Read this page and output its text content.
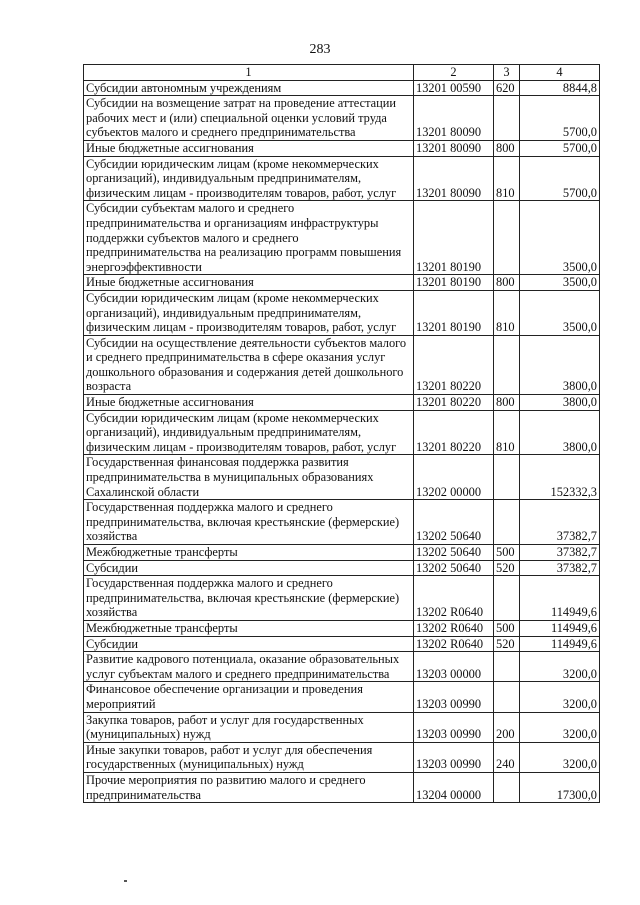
283
1	2	3	4
Субсидии автономным учреждениям	13201 00590	620	8844,8
Субсидии на возмещение затрат на проведение аттестации рабочих мест и (или) специальной оценки условий труда субъектов малого и среднего предпринимательства	13201 80090		5700,0
Иные бюджетные ассигнования	13201 80090	800	5700,0
Субсидии юридическим лицам (кроме некоммерческих организаций), индивидуальным предпринимателям, физическим лицам - производителям товаров, работ, услуг	13201 80090	810	5700,0
Субсидии субъектам малого и среднего предпринимательства и организациям инфраструктуры поддержки субъектов малого и среднего предпринимательства на реализацию программ повышения энергоэффективности	13201 80190		3500,0
Иные бюджетные ассигнования	13201 80190	800	3500,0
Субсидии юридическим лицам (кроме некоммерческих организаций), индивидуальным предпринимателям, физическим лицам - производителям товаров, работ, услуг	13201 80190	810	3500,0
Субсидии на осуществление деятельности субъектов малого и среднего предпринимательства в сфере оказания услуг дошкольного образования и содержания детей дошкольного возраста	13201 80220		3800,0
Иные бюджетные ассигнования	13201 80220	800	3800,0
Субсидии юридическим лицам (кроме некоммерческих организаций), индивидуальным предпринимателям, физическим лицам - производителям товаров, работ, услуг	13201 80220	810	3800,0
Государственная финансовая поддержка развития предпринимательства в муниципальных образованиях Сахалинской области	13202 00000		152332,3
Государственная поддержка малого и среднего предпринимательства, включая крестьянские (фермерские) хозяйства	13202 50640		37382,7
Межбюджетные трансферты	13202 50640	500	37382,7
Субсидии	13202 50640	520	37382,7
Государственная поддержка малого и среднего предпринимательства, включая крестьянские (фермерские) хозяйства	13202 R0640		114949,6
Межбюджетные трансферты	13202 R0640	500	114949,6
Субсидии	13202 R0640	520	114949,6
Развитие кадрового потенциала, оказание образовательных услуг субъектам малого и среднего предпринимательства	13203 00000		3200,0
Финансовое обеспечение организации и проведения мероприятий	13203 00990		3200,0
Закупка товаров, работ и услуг для государственных (муниципальных) нужд	13203 00990	200	3200,0
Иные закупки товаров, работ и услуг для обеспечения государственных (муниципальных) нужд	13203 00990	240	3200,0
Прочие мероприятия по развитию малого и среднего предпринимательства	13204 00000		17300,0
